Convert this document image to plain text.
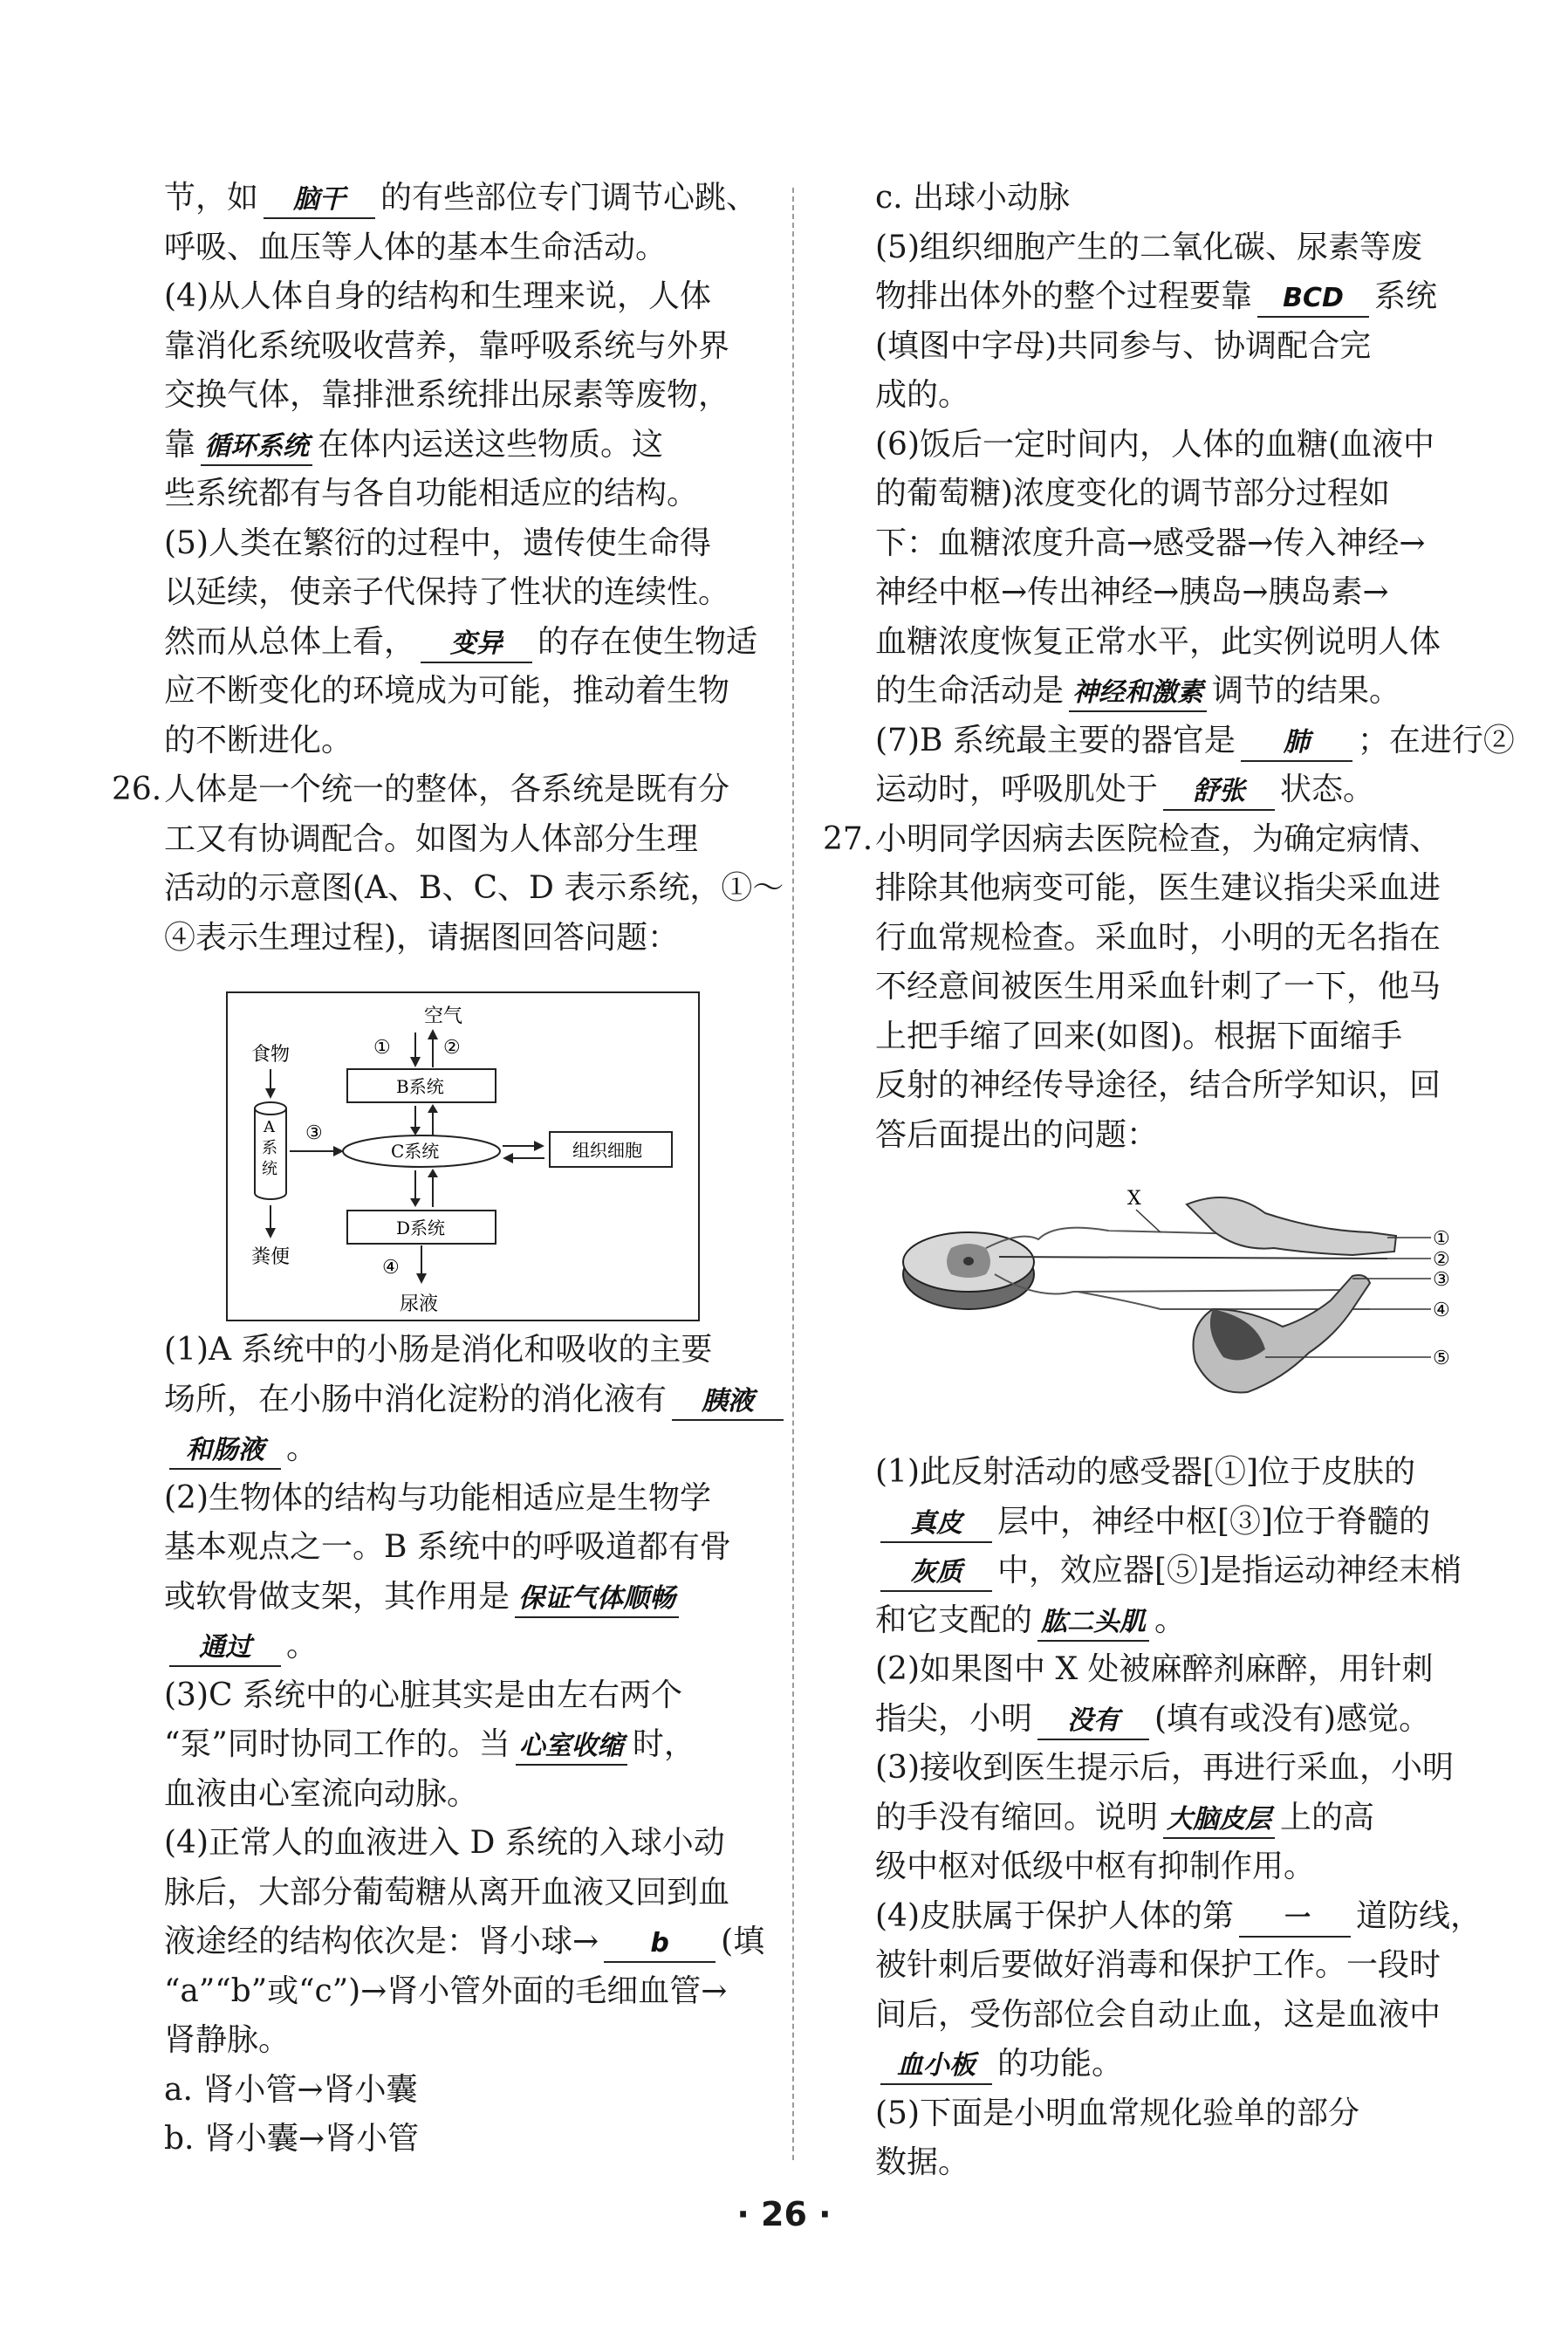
节，如 脑干 的有些部位专门调节心跳、
呼吸、血压等人体的基本生命活动。
(4)从人体自身的结构和生理来说，人体
靠消化系统吸收营养，靠呼吸系统与外界
交换气体，靠排泄系统排出尿素等废物，
靠 循环系统 在体内运送这些物质。这
些系统都有与各自功能相适应的结构。
(5)人类在繁衍的过程中，遗传使生命得
以延续，使亲子代保持了性状的连续性。
然而从总体上看， 变异 的存在使生物适
应不断变化的环境成为可能，推动着生物
的不断进化。
26. 人体是一个统一的整体，各系统是既有分
工又有协调配合。如图为人体部分生理
活动的示意图(A、B、C、D 表示系统，①～
④表示生理过程)，请据图回答问题：
(1)A 系统中的小肠是消化和吸收的主要
场所，在小肠中消化淀粉的消化液有 胰液
和肠液 。
(2)生物体的结构与功能相适应是生物学
基本观点之一。B 系统中的呼吸道都有骨
或软骨做支架，其作用是 保证气体顺畅
通过 。
(3)C 系统中的心脏其实是由左右两个
“泵”同时协同工作的。当 心室收缩 时，
血液由心室流向动脉。
(4)正常人的血液进入 D 系统的入球小动
脉后，大部分葡萄糖从离开血液又回到血
液途经的结构依次是：肾小球→ b (填
“a”“b”或“c”)→肾小管外面的毛细血管→
肾静脉。
a. 肾小管→肾小囊
b. 肾小囊→肾小管
空气
①	②
B系统
食物
A
系
统
③
C系统	组织细胞
粪便
D系统
④
尿液
c. 出球小动脉
(5)组织细胞产生的二氧化碳、尿素等废
物排出体外的整个过程要靠 BCD 系统
(填图中字母)共同参与、协调配合完
成的。
(6)饭后一定时间内，人体的血糖(血液中
的葡萄糖)浓度变化的调节部分过程如
下：血糖浓度升高→感受器→传入神经→
神经中枢→传出神经→胰岛→胰岛素→
血糖浓度恢复正常水平，此实例说明人体
的生命活动是 神经和激素 调节的结果。
(7)B 系统最主要的器官是 肺 ；在进行②
运动时，呼吸肌处于 舒张 状态。
27. 小明同学因病去医院检查，为确定病情、
排除其他病变可能，医生建议指尖采血进
行血常规检查。采血时，小明的无名指在
不经意间被医生用采血针刺了一下，他马
上把手缩了回来(如图)。根据下面缩手
反射的神经传导途径，结合所学知识，回
答后面提出的问题：
(1)此反射活动的感受器[①]位于皮肤的
真皮 层中，神经中枢[③]位于脊髓的
灰质 中，效应器[⑤]是指运动神经末梢
和它支配的 肱二头肌 。
(2)如果图中 X 处被麻醉剂麻醉，用针刺
指尖，小明 没有 (填有或没有)感觉。
(3)接收到医生提示后，再进行采血，小明
的手没有缩回。说明 大脑皮层 上的高
级中枢对低级中枢有抑制作用。
(4)皮肤属于保护人体的第 一 道防线，
被针刺后要做好消毒和保护工作。一段时
间后，受伤部位会自动止血，这是血液中
血小板 的功能。
(5)下面是小明血常规化验单的部分
数据。
X
①
②
③
④
⑤
· 26 ·
